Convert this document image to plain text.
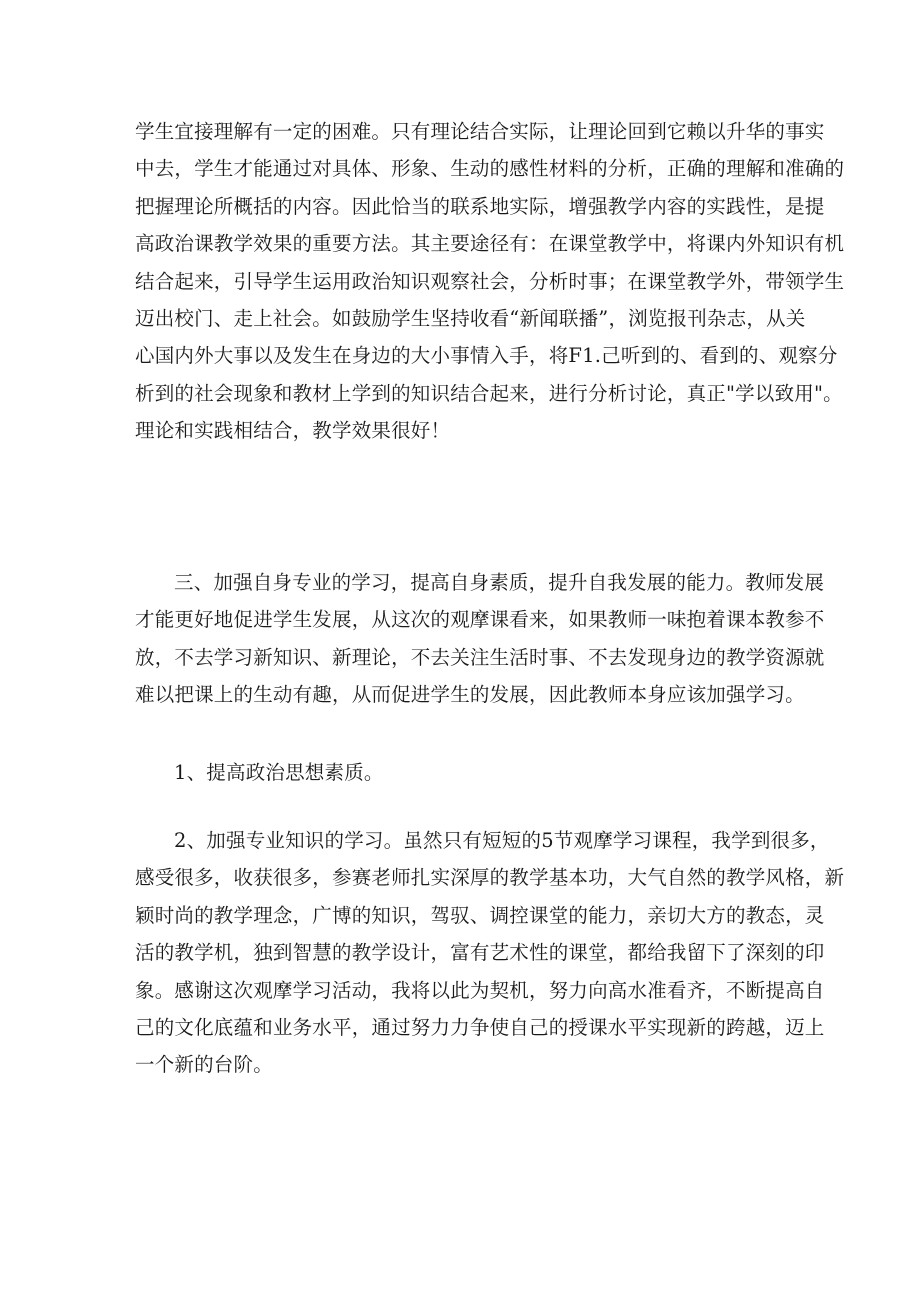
学生宜接理解有一定的困难。只有理论结合实际，让理论回到它赖以升华的事实
中去，学生才能通过对具体、形象、生动的感性材料的分析，正确的理解和准确的
把握理论所概括的内容。因此恰当的联系地实际，增强教学内容的实践性，是提
高政治课教学效果的重要方法。其主要途径有：在课堂教学中，将课内外知识有机
结合起来，引导学生运用政治知识观察社会，分析时事；在课堂教学外，带领学生
迈出校门、走上社会。如鼓励学生坚持收看“新闻联播”，浏览报刊杂志，从关
心国内外大事以及发生在身边的大小事情入手，将F1.己听到的、看到的、观察分
析到的社会现象和教材上学到的知识结合起来，进行分析讨论，真正"学以致用"。
理论和实践相结合，教学效果很好！
三、加强自身专业的学习，提高自身素质，提升自我发展的能力。教师发展
才能更好地促进学生发展，从这次的观摩课看来，如果教师一味抱着课本教参不
放，不去学习新知识、新理论，不去关注生活时事、不去发现身边的教学资源就
难以把课上的生动有趣，从而促进学生的发展，因此教师本身应该加强学习。
1、提高政治思想素质。
2、加强专业知识的学习。虽然只有短短的5节观摩学习课程，我学到很多，
感受很多，收获很多，参赛老师扎实深厚的教学基本功，大气自然的教学风格，新
颖时尚的教学理念，广博的知识，驾驭、调控课堂的能力，亲切大方的教态，灵
活的教学机，独到智慧的教学设计，富有艺术性的课堂，都给我留下了深刻的印
象。感谢这次观摩学习活动，我将以此为契机，努力向高水准看齐，不断提高自
己的文化底蕴和业务水平，通过努力力争使自己的授课水平实现新的跨越，迈上
一个新的台阶。
